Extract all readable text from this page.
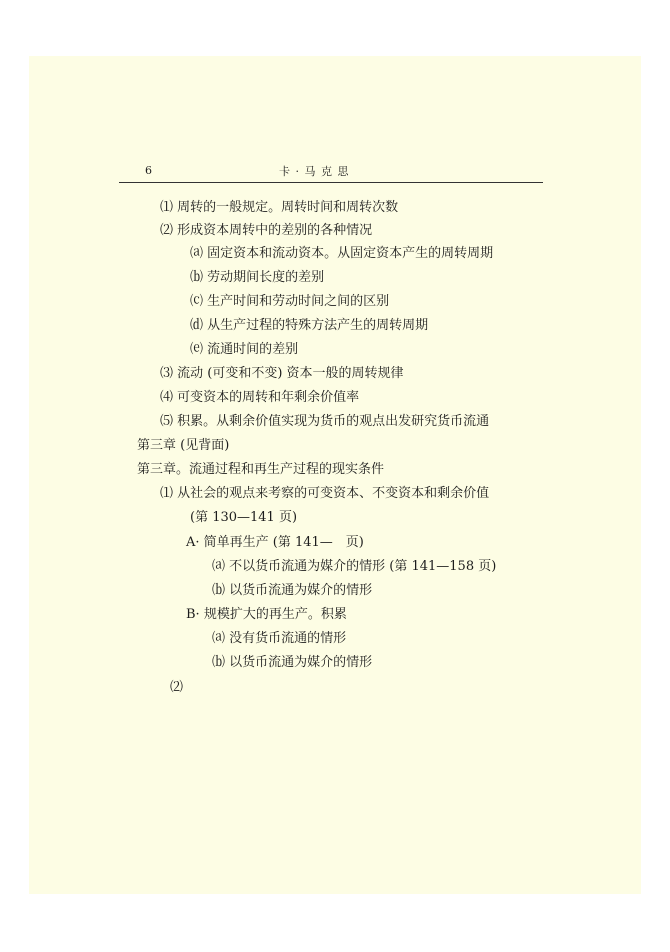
6	卡 · 马 克 思
⑴ 周转的一般规定。周转时间和周转次数
⑵ 形成资本周转中的差别的各种情况
⒜ 固定资本和流动资本。从固定资本产生的周转周期
⒝ 劳动期间长度的差别
⒞ 生产时间和劳动时间之间的区别
⒟ 从生产过程的特殊方法产生的周转周期
⒠ 流通时间的差别
⑶ 流动 (可变和不变) 资本一般的周转规律
⑷ 可变资本的周转和年剩余价值率
⑸ 积累。从剩余价值实现为货币的观点出发研究货币流通
第三章 (见背面)
第三章。流通过程和再生产过程的现实条件
⑴ 从社会的观点来考察的可变资本、不变资本和剩余价值
(第 130—141 页)
A· 简单再生产 (第 141—　页)
⒜ 不以货币流通为媒介的情形 (第 141—158 页)
⒝ 以货币流通为媒介的情形
B· 规模扩大的再生产。积累
⒜ 没有货币流通的情形
⒝ 以货币流通为媒介的情形
⑵
